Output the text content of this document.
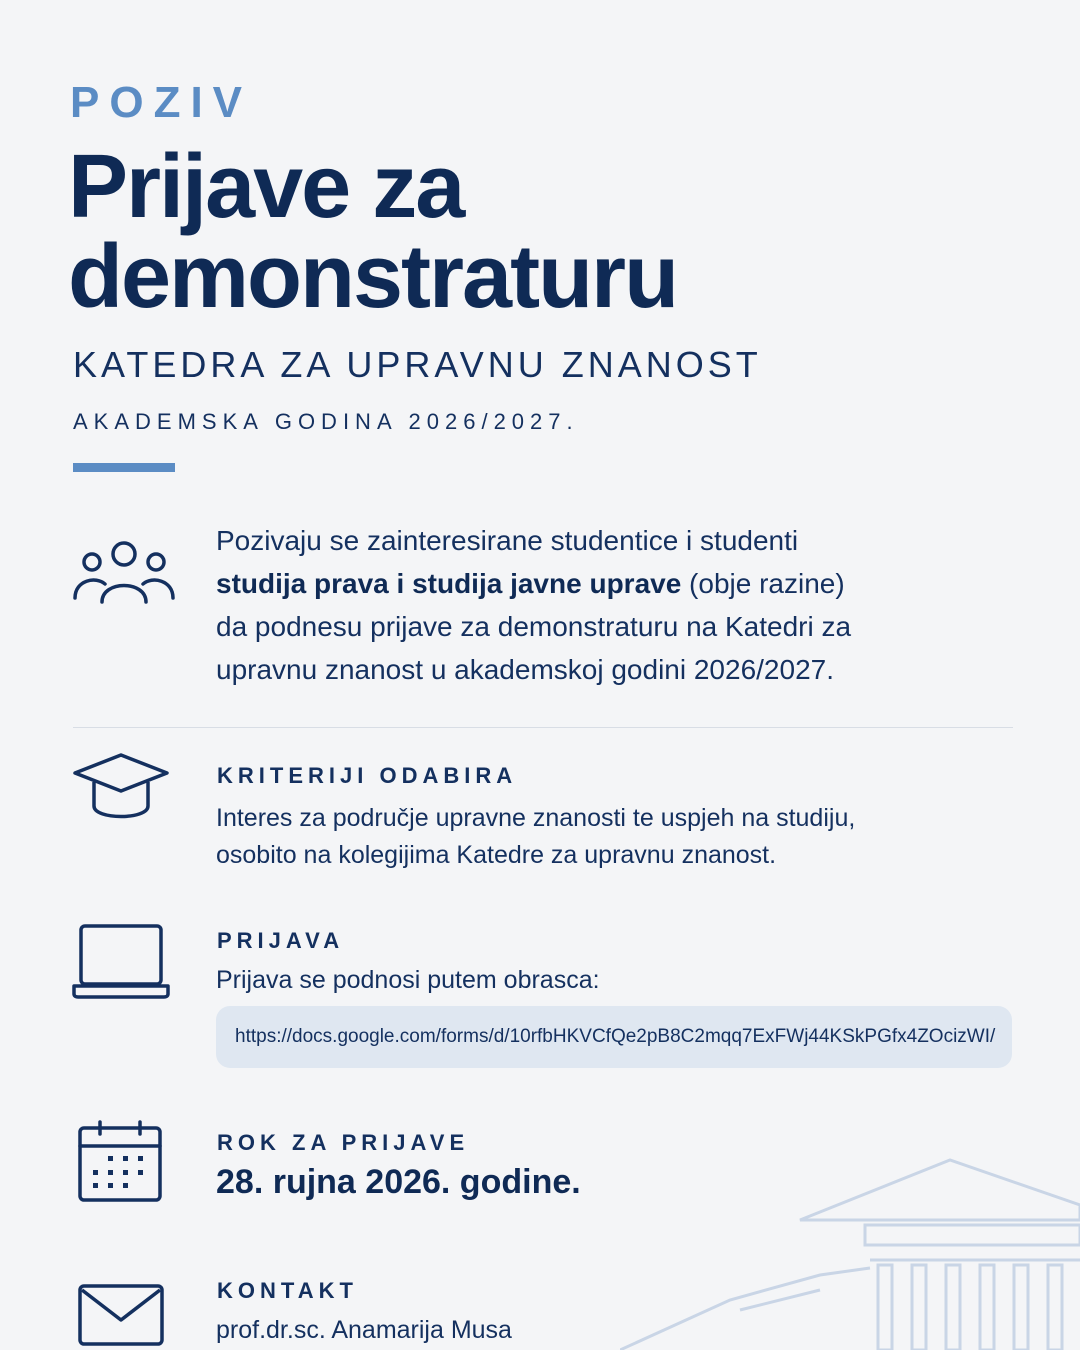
POZIV
Prijave za
demonstraturu
KATEDRA ZA UPRAVNU ZNANOST
AKADEMSKA GODINA 2026/2027.
Pozivaju se zainteresirane studentice i studenti
studija prava i studija javne uprave (obje razine)
da podnesu prijave za demonstraturu na Katedri za
upravnu znanost u akademskoj godini 2026/2027.
KRITERIJI ODABIRA
Interes za područje upravne znanosti te uspjeh na studiju,
osobito na kolegijima Katedre za upravnu znanost.
PRIJAVA
Prijava se podnosi putem obrasca:
https://docs.google.com/forms/d/10rfbHKVCfQe2pB8C2mqq7ExFWj44KSkPGfx4ZOcizWI/
ROK ZA PRIJAVE
28. rujna 2026. godine.
KONTAKT
prof.dr.sc. Anamarija Musa
